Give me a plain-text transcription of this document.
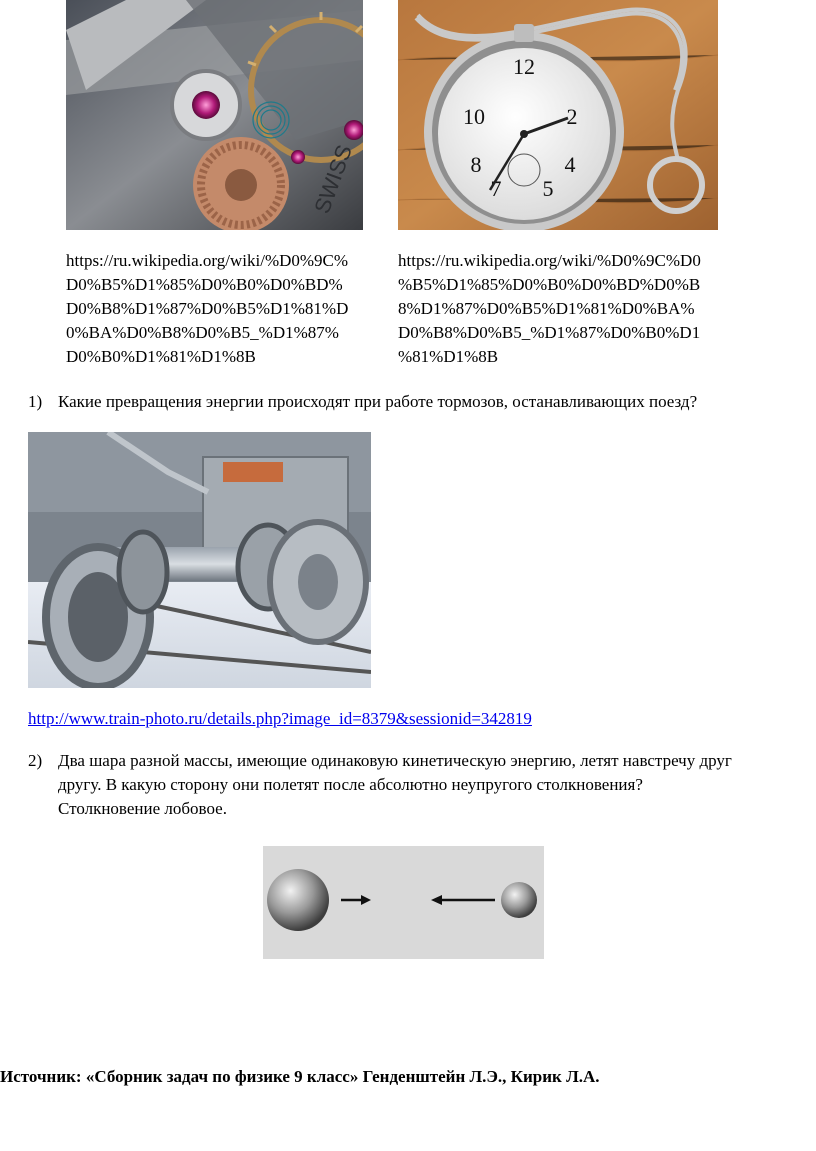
SWISS
12
2
4
5
7
8
10
https://ru.wikipedia.org/wiki/%D0%9C%
D0%B5%D1%85%D0%B0%D0%BD%
D0%B8%D1%87%D0%B5%D1%81%D
0%BA%D0%B8%D0%B5_%D1%87%
D0%B0%D1%81%D1%8B
https://ru.wikipedia.org/wiki/%D0%9C%D0
%B5%D1%85%D0%B0%D0%BD%D0%B
8%D1%87%D0%B5%D1%81%D0%BA%
D0%B8%D0%B5_%D1%87%D0%B0%D1
%81%D1%8B
1) Какие превращения энергии происходят при работе тормозов, останавливающих поезд?
http://www.train-photo.ru/details.php?image_id=8379&sessionid=342819
2) Два шара разной массы, имеющие одинаковую кинетическую энергию, летят навстречу друг
другу. В какую сторону они полетят после абсолютно неупругого столкновения?
Столкновение лобовое.
Источник: «Сборник задач по физике 9 класс» Генденштейн Л.Э., Кирик Л.А.
